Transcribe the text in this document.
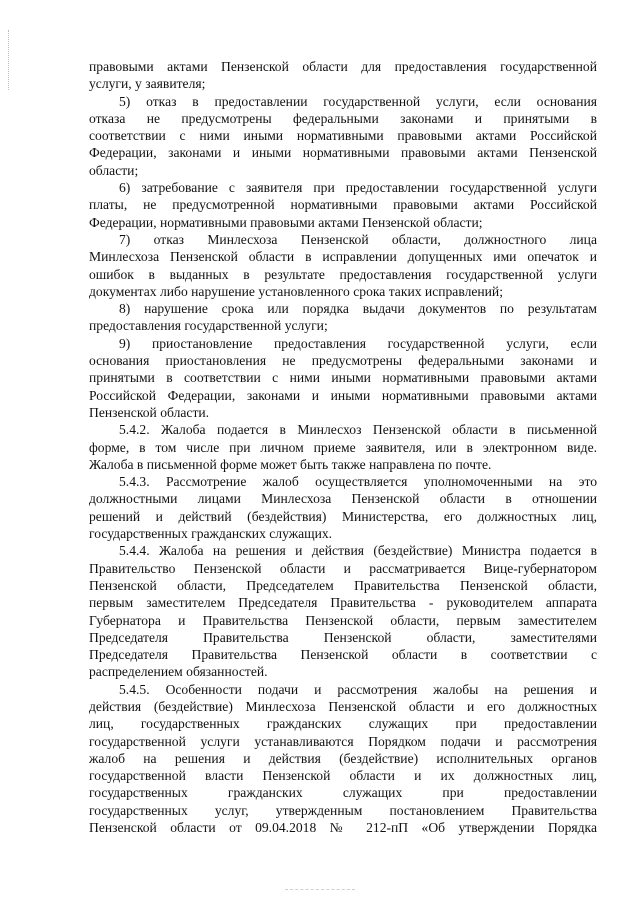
правовыми актами Пензенской области для предоставления государственной
услуги, у заявителя;
5) отказ в предоставлении государственной услуги, если основания
отказа не предусмотрены федеральными законами и принятыми в
соответствии с ними иными нормативными правовыми актами Российской
Федерации, законами и иными нормативными правовыми актами Пензенской
области;
6) затребование с заявителя при предоставлении государственной услуги
платы, не предусмотренной нормативными правовыми актами Российской
Федерации, нормативными правовыми актами Пензенской области;
7) отказ Минлесхоза Пензенской области, должностного лица
Минлесхоза Пензенской области в исправлении допущенных ими опечаток и
ошибок в выданных в результате предоставления государственной услуги
документах либо нарушение установленного срока таких исправлений;
8) нарушение срока или порядка выдачи документов по результатам
предоставления государственной услуги;
9) приостановление предоставления государственной услуги, если
основания приостановления не предусмотрены федеральными законами и
принятыми в соответствии с ними иными нормативными правовыми актами
Российской Федерации, законами и иными нормативными правовыми актами
Пензенской области.
5.4.2. Жалоба подается в Минлесхоз Пензенской области в письменной
форме, в том числе при личном приеме заявителя, или в электронном виде.
Жалоба в письменной форме может быть также направлена по почте.
5.4.3. Рассмотрение жалоб осуществляется уполномоченными на это
должностными лицами Минлесхоза Пензенской области в отношении
решений и действий (бездействия) Министерства, его должностных лиц,
государственных гражданских служащих.
5.4.4. Жалоба на решения и действия (бездействие) Министра подается в
Правительство Пензенской области и рассматривается Вице-губернатором
Пензенской области, Председателем Правительства Пензенской области,
первым заместителем Председателя Правительства - руководителем аппарата
Губернатора и Правительства Пензенской области, первым заместителем
Председателя Правительства Пензенской области, заместителями
Председателя Правительства Пензенской области в соответствии с
распределением обязанностей.
5.4.5. Особенности подачи и рассмотрения жалобы на решения и
действия (бездействие) Минлесхоза Пензенской области и его должностных
лиц, государственных гражданских служащих при предоставлении
государственной услуги устанавливаются Порядком подачи и рассмотрения
жалоб на решения и действия (бездействие) исполнительных органов
государственной власти Пензенской области и их должностных лиц,
государственных гражданских служащих при предоставлении
государственных услуг, утвержденным постановлением Правительства
Пензенской области от 09.04.2018 № 212-пП «Об утверждении Порядка
